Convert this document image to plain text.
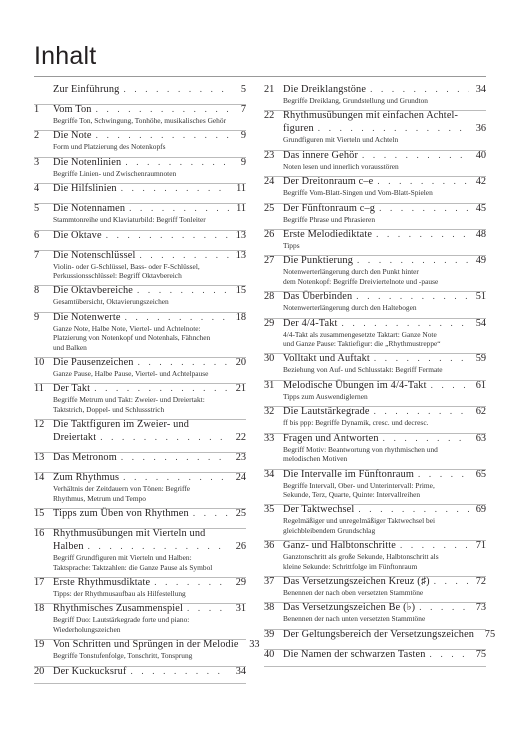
Inhalt
Zur Einführung . . .	5
1	Vom Ton . . .	7
Begriffe Ton, Schwingung, Tonhöhe, musikalisches Gehör
2	Die Note . . .	9
Form und Platzierung des Notenkopfs
3	Die Notenlinien . . .	9
Begriffe Linien- und Zwischenraumnoten
4	Die Hilfslinien . . .	11
5	Die Notennamen . . .	11
Stammtonreihe und Klaviaturbild: Begriff Tonleiter
6	Die Oktave . . .	13
7	Die Notenschlüssel . . .	13
Violin- oder G-Schlüssel, Bass- oder F-Schlüssel,
Perkussionsschlüssel: Begriff Oktavbereich
8	Die Oktavbereiche . . .	15
Gesamtübersicht, Oktavierungszeichen
9	Die Notenwerte . . .	18
Ganze Note, Halbe Note, Viertel- und Achtelnote:
Platzierung von Notenkopf und Notenhals, Fähnchen
und Balken
10 Die Pausenzeichen . . .	20
Ganze Pause, Halbe Pause, Viertel- und Achtelpause
11 Der Takt . . .	21
Begriffe Metrum und Takt: Zweier- und Dreiertakt:
Taktstrich, Doppel- und Schlussstrich
12 Die Taktfiguren im Zweier- und
Dreiertakt . . .	22
13 Das Metronom . . .	23
14 Zum Rhythmus . . .	24
Verhältnis der Zeitdauern von Tönen: Begriffe
Rhythmus, Metrum und Tempo
15 Tipps zum Üben von Rhythmen . . .	25
16 Rhythmusübungen mit Vierteln und
Halben . . .	26
Begriff Grundfiguren mit Vierteln und Halben:
Taktsprache: Taktzahlen: die Ganze Pause als Symbol
17 Erste Rhythmusdiktate . . .	29
Tipps: der Rhythmusaufbau als Hilfestellung
18 Rhythmisches Zusammenspiel . . .	31
Begriff Duo: Lautstärkegrade forte und piano:
Wiederholungszeichen
19 Von Schritten und Sprüngen in der Melodie	33
Begriffe Tonstufenfolge, Tonschritt, Tonsprung
20 Der Kuckucksruf . . .	34
21 Die Dreiklangstöne . . .	34
Begriffe Dreiklang, Grundstellung und Grundton
22 Rhythmusübungen mit einfachen Achtel-
figuren . . .	36
Grundfiguren mit Vierteln und Achteln
23 Das innere Gehör . . .	40
Noten lesen und innerlich vorausstören
24 Der Dreitonraum c–e . . .	42
Begriffe Vom-Blatt-Singen und Vom-Blatt-Spielen
25 Der Fünftonraum c–g . . .	45
Begriffe Phrase und Phrasieren
26 Erste Melodiediktate . . .	48
Tipps
27 Die Punktierung . . .	49
Notenwerterlängerung durch den Punkt hinter
dem Notenkopf: Begriffe Dreiviertelnote und -pause
28 Das Überbinden . . .	51
Notenwerterlängerung durch den Haltebogen
29 Der 4/4-Takt . . .	54
4/4-Takt als zusammengesetzte Taktart: Ganze Note
und Ganze Pause: Taktiefigur: die „Rhythmustreppe“
30 Volltakt und Auftakt . . .	59
Beziehung von Auf- und Schlusstakt: Begriff Fermate
31 Melodische Übungen im 4/4-Takt . . .	61
Tipps zum Auswendiglernen
32 Die Lautstärkegrade . . .	62
ff bis ppp: Begriffe Dynamik, cresc. und decresc.
33 Fragen und Antworten . . .	63
Begriff Motiv: Beantwortung von rhythmischen und
melodischen Motiven
34 Die Intervalle im Fünftonraum . . .	65
Begriffe Intervall, Ober- und Unterintervall: Prime,
Sekunde, Terz, Quarte, Quinte: Intervallreihen
35 Der Taktwechsel . . .	69
Regelmäßiger und unregelmäßiger Taktwechsel bei
gleichbleibendem Grundschlag
36 Ganz- und Halbtonschritte . . .	71
Ganztonschritt als große Sekunde, Halbtonschritt als
kleine Sekunde: Schrittfolge im Fünftonraum
37 Das Versetzungszeichen Kreuz (♯) . . .	72
Benennen der nach oben versetzten Stammtöne
38 Das Versetzungszeichen Be (♭) . . .	73
Benennen der nach unten versetzten Stammtöne
39 Der Geltungsbereich der Versetzungszeichen	75
40 Die Namen der schwarzen Tasten . . .	75
